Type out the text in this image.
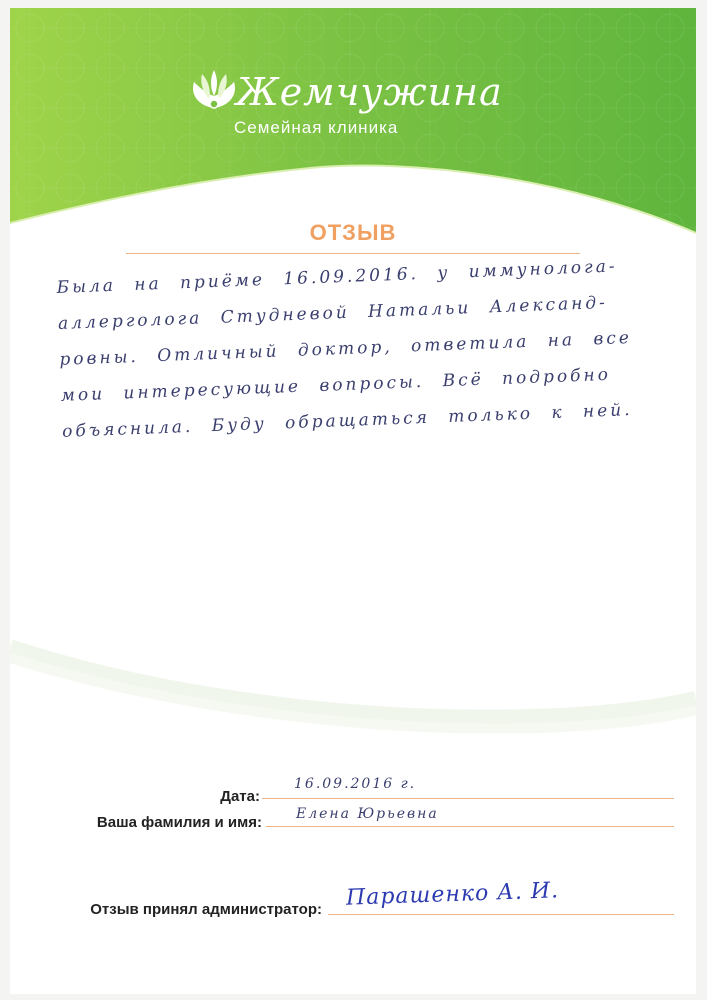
Жемчужина
Семейная клиника
ОТЗЫВ
Была на приёме 16.09.2016. у иммунолога-
аллерголога Студневой Натальи Александ-
ровны. Отличный доктор, ответила на все
мои интересующие вопросы. Всё подробно
объяснила. Буду обращаться только к ней.
Дата:
16.09.2016 г.
Ваша фамилия и имя: Елена Юрьевна
Отзыв принял администратор: Парашенко А. И.
